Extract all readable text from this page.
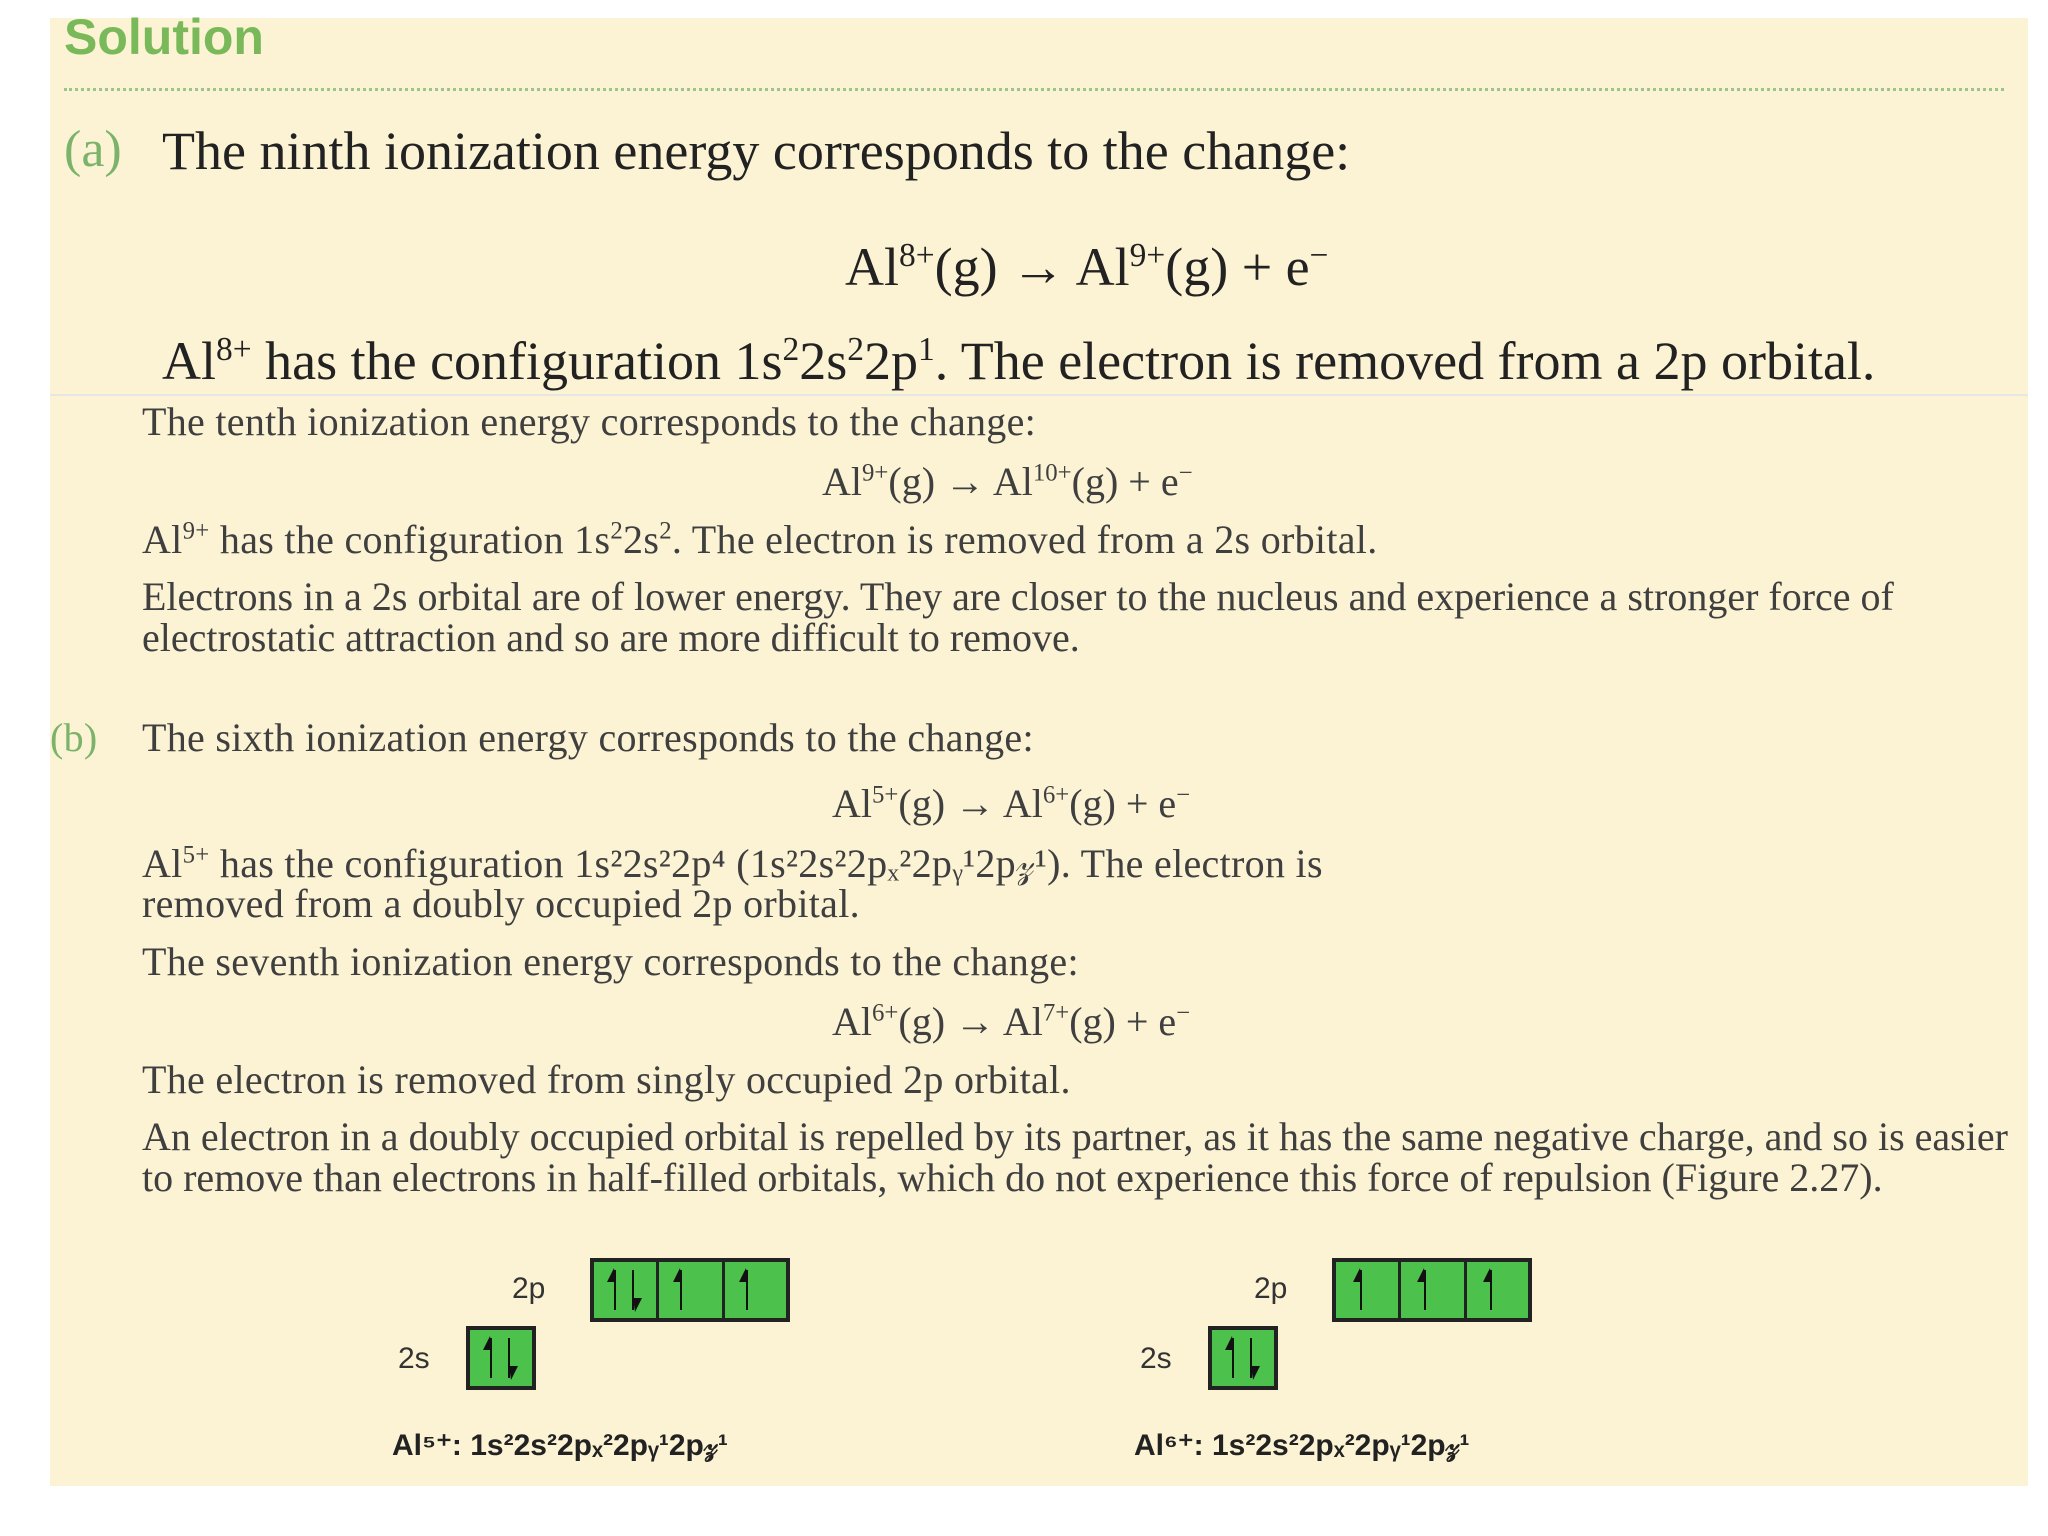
Solution
(a) The ninth ionization energy corresponds to the change:
$Al^{8+}(g) \to Al^{9+}(g) + e^-$
$Al^{8+}$ has the configuration $1s^22s^22p^1$. The electron is removed from a 2p orbital.
The tenth ionization energy corresponds to the change:
$Al^{9+}(g) \to Al^{10+}(g) + e^-$
$Al^{9+}$ has the configuration $1s^22s^2$. The electron is removed from a 2s orbital.
Electrons in a 2s orbital are of lower energy. They are closer to the nucleus and experience a stronger force of electrostatic attraction and so are more difficult to remove.
(b) The sixth ionization energy corresponds to the change:
$Al^{5+}(g) \to Al^{6+}(g) + e^-$
$Al^{5+}$ has the configuration 1s²2s²2p⁴ (1s²2s²2pₓ²2pᵧ¹2p𝓏¹). The electron is
removed from a doubly occupied 2p orbital.
The seventh ionization energy corresponds to the change:
$Al^{6+}(g) \to Al^{7+}(g) + e^-$
The electron is removed from singly occupied 2p orbital.
An electron in a doubly occupied orbital is repelled by its partner, as it has the same negative charge, and so is easier to remove than electrons in half-filled orbitals, which do not experience this force of repulsion (Figure 2.27).
2p
2s
Al⁵⁺: 1s²2s²2pₓ²2pᵧ¹2p𝓏¹
2p
2s
Al⁶⁺: 1s²2s²2pₓ²2pᵧ¹2p𝓏¹
